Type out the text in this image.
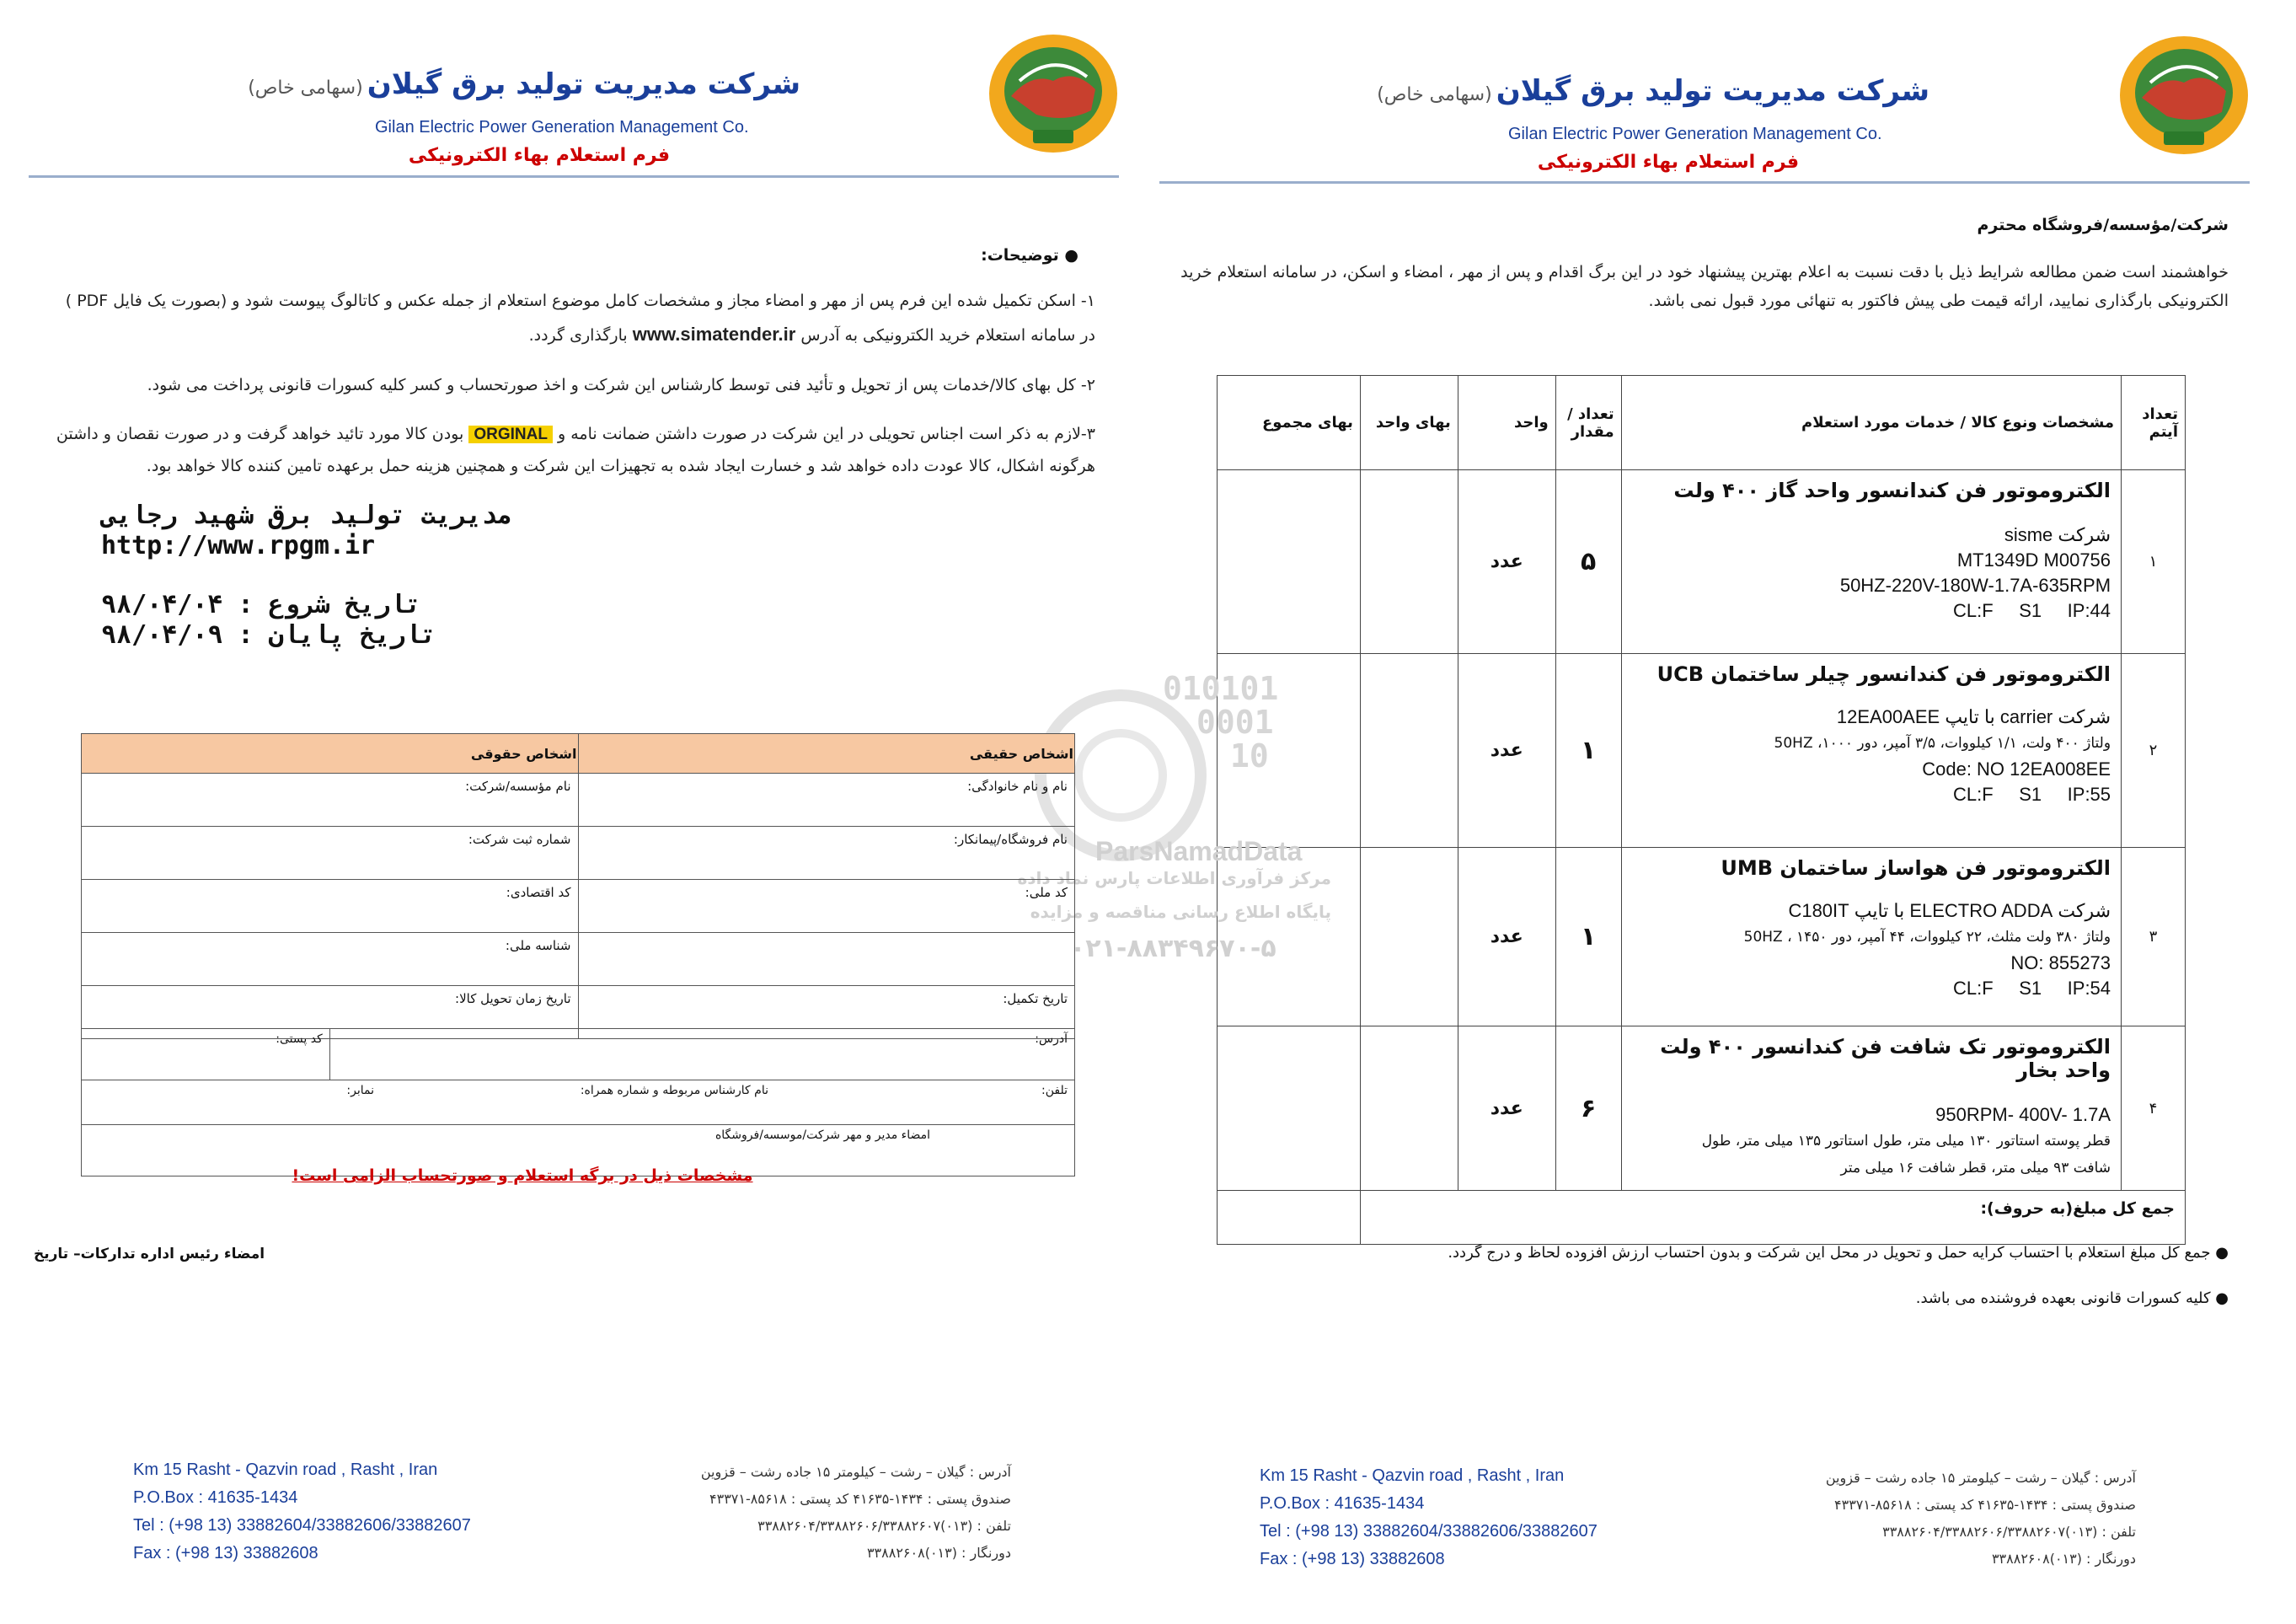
شرکت مدیریت تولید برق گیلان (سهامی خاص)
Gilan Electric Power Generation Management Co.
فرم استعلام بهاء الکترونیکی
شرکت مدیریت تولید برق گیلان (سهامی خاص)
Gilan Electric Power Generation Management Co.
فرم استعلام بهاء الکترونیکی
شرکت/مؤسسه/فروشگاه محترم
خواهشمند است ضمن مطالعه شرایط ذیل با دقت نسبت به اعلام بهترین پیشنهاد خود در این برگ اقدام و پس از مهر ، امضاء و اسکن، در سامانه استعلام خرید الکترونیکی بارگذاری نمایید، ارائه قیمت طی پیش فاکتور به تنهائی مورد قبول نمی باشد.
تعداد آیتم	مشخصات ونوع کالا / خدمات مورد استعلام	تعداد / مقدار	واحد	بهای واحد	بهای مجموع
۱	الکتروموتور فن کندانسور واحد گاز ۴۰۰ ولت
شرکت sisme
MT1349D M00756
50HZ-220V-180W-1.7A-635RPM
CL:F     S1     IP:44	۵	عدد		
۲	الکتروموتور فن کندانسور چیلر ساختمان UCB
شرکت carrier با تایپ 12EA00AEE
ولتاژ ۴۰۰ ولت، ۱/۱ کیلووات، ۳/۵ آمپر، دور ۱۰۰۰، 50HZ
Code: NO 12EA008EE
CL:F     S1     IP:55	۱	عدد		
۳	الکتروموتور فن هواساز ساختمان UMB
شرکت ELECTRO ADDA با تایپ C180IT
ولتاژ ۳۸۰ ولت مثلث، ۲۲ کیلووات، ۴۴ آمپر، دور ۱۴۵۰ ، 50HZ
NO: 855273
CL:F     S1     IP:54	۱	عدد		
۴	الکتروموتور تک شافت فن کندانسور ۴۰۰ ولت واحد بخار
950RPM- 400V- 1.7A
قطر پوسته استاتور ۱۳۰ میلی متر، طول استاتور ۱۳۵ میلی متر، طول
شافت ۹۳ میلی متر، قطر شافت ۱۶ میلی متر	۶	عدد		
جمع کل مبلغ(به حروف):					
● جمع کل مبلغ استعلام با احتساب کرایه حمل و تحویل در محل این شرکت و بدون احتساب ارزش افزوده لحاظ و درج گردد.
● کلیه کسورات قانونی بعهده فروشنده می باشد.
● توضیحات:
۱- اسکن تکمیل شده این فرم پس از مهر و امضاء مجاز و مشخصات کامل موضوع استعلام از جمله عکس و کاتالوگ پیوست شود و (بصورت یک فایل PDF )
در سامانه استعلام خرید الکترونیکی به آدرس www.simatender.ir بارگذاری گردد.
۲- کل بهای کالا/خدمات پس از تحویل و تأئید فنی توسط کارشناس این شرکت و اخذ صورتحساب و کسر کلیه کسورات قانونی پرداخت می شود.
۳-لازم به ذکر است اجناس تحویلی در این شرکت در صورت داشتن ضمانت نامه و ORGINAL بودن کالا مورد تائید خواهد گرفت و در صورت نقصان و داشتن
هرگونه اشکال، کالا عودت داده خواهد شد و خسارت ایجاد شده به تجهیزات این شرکت و همچنین هزینه حمل برعهده تامین کننده کالا خواهد بود.
مدیریت تولید برق شهید رجایی
http://www.rpgm.ir
تاریخ شروع : ۹۸/۰۴/۰۴
تاریخ پایان : ۹۸/۰۴/۰۹
010101
0001
10
ParsNamadData
مرکز فرآوری اطلاعات پارس نماد داده
پایگاه اطلاع رسانی مناقصه و مزایده
۰۲۱-۸۸۳۴۹۶۷۰-۵
اشخاص حقیقی	اشخاص حقوقی
نام و نام خانوادگی:	نام مؤسسه/شرکت:
نام فروشگاه/پیمانکار:	شماره ثبت شرکت:
کد ملی:	کد اقتصادی:
	شناسه ملی:
تاریخ تکمیل:	تاریخ زمان تحویل کالا:
آدرس:	کد پستی:

تلفن:
نام کارشناس مربوطه و شماره همراه:
نمابر:

امضاء مدیر و مهر شرکت/موسسه/فروشگاه
مشخصات ذیل در برگه استعلام و صورتحساب الزامی است!
امضاء رئیس اداره تدارکات– تاریخ
Km 15 Rasht - Qazvin road , Rasht , Iran
P.O.Box : 41635-1434
Tel : (+98 13) 33882604/33882606/33882607
Fax : (+98 13) 33882608
آدرس : گیلان – رشت – کیلومتر ۱۵ جاده رشت – قزوین
صندوق پستی : ۱۴۳۴-۴۱۶۳۵ کد پستی : ۸۵۶۱۸-۴۳۳۷۱
تلفن : (۰۱۳)۳۳۸۸۲۶۰۴/۳۳۸۸۲۶۰۶/۳۳۸۸۲۶۰۷
دورنگار : (۰۱۳)۳۳۸۸۲۶۰۸
Km 15 Rasht - Qazvin road , Rasht , Iran
P.O.Box : 41635-1434
Tel : (+98 13) 33882604/33882606/33882607
Fax : (+98 13) 33882608
آدرس : گیلان – رشت – کیلومتر ۱۵ جاده رشت – قزوین
صندوق پستی : ۱۴۳۴-۴۱۶۳۵ کد پستی : ۸۵۶۱۸-۴۳۳۷۱
تلفن : (۰۱۳)۳۳۸۸۲۶۰۴/۳۳۸۸۲۶۰۶/۳۳۸۸۲۶۰۷
دورنگار : (۰۱۳)۳۳۸۸۲۶۰۸
